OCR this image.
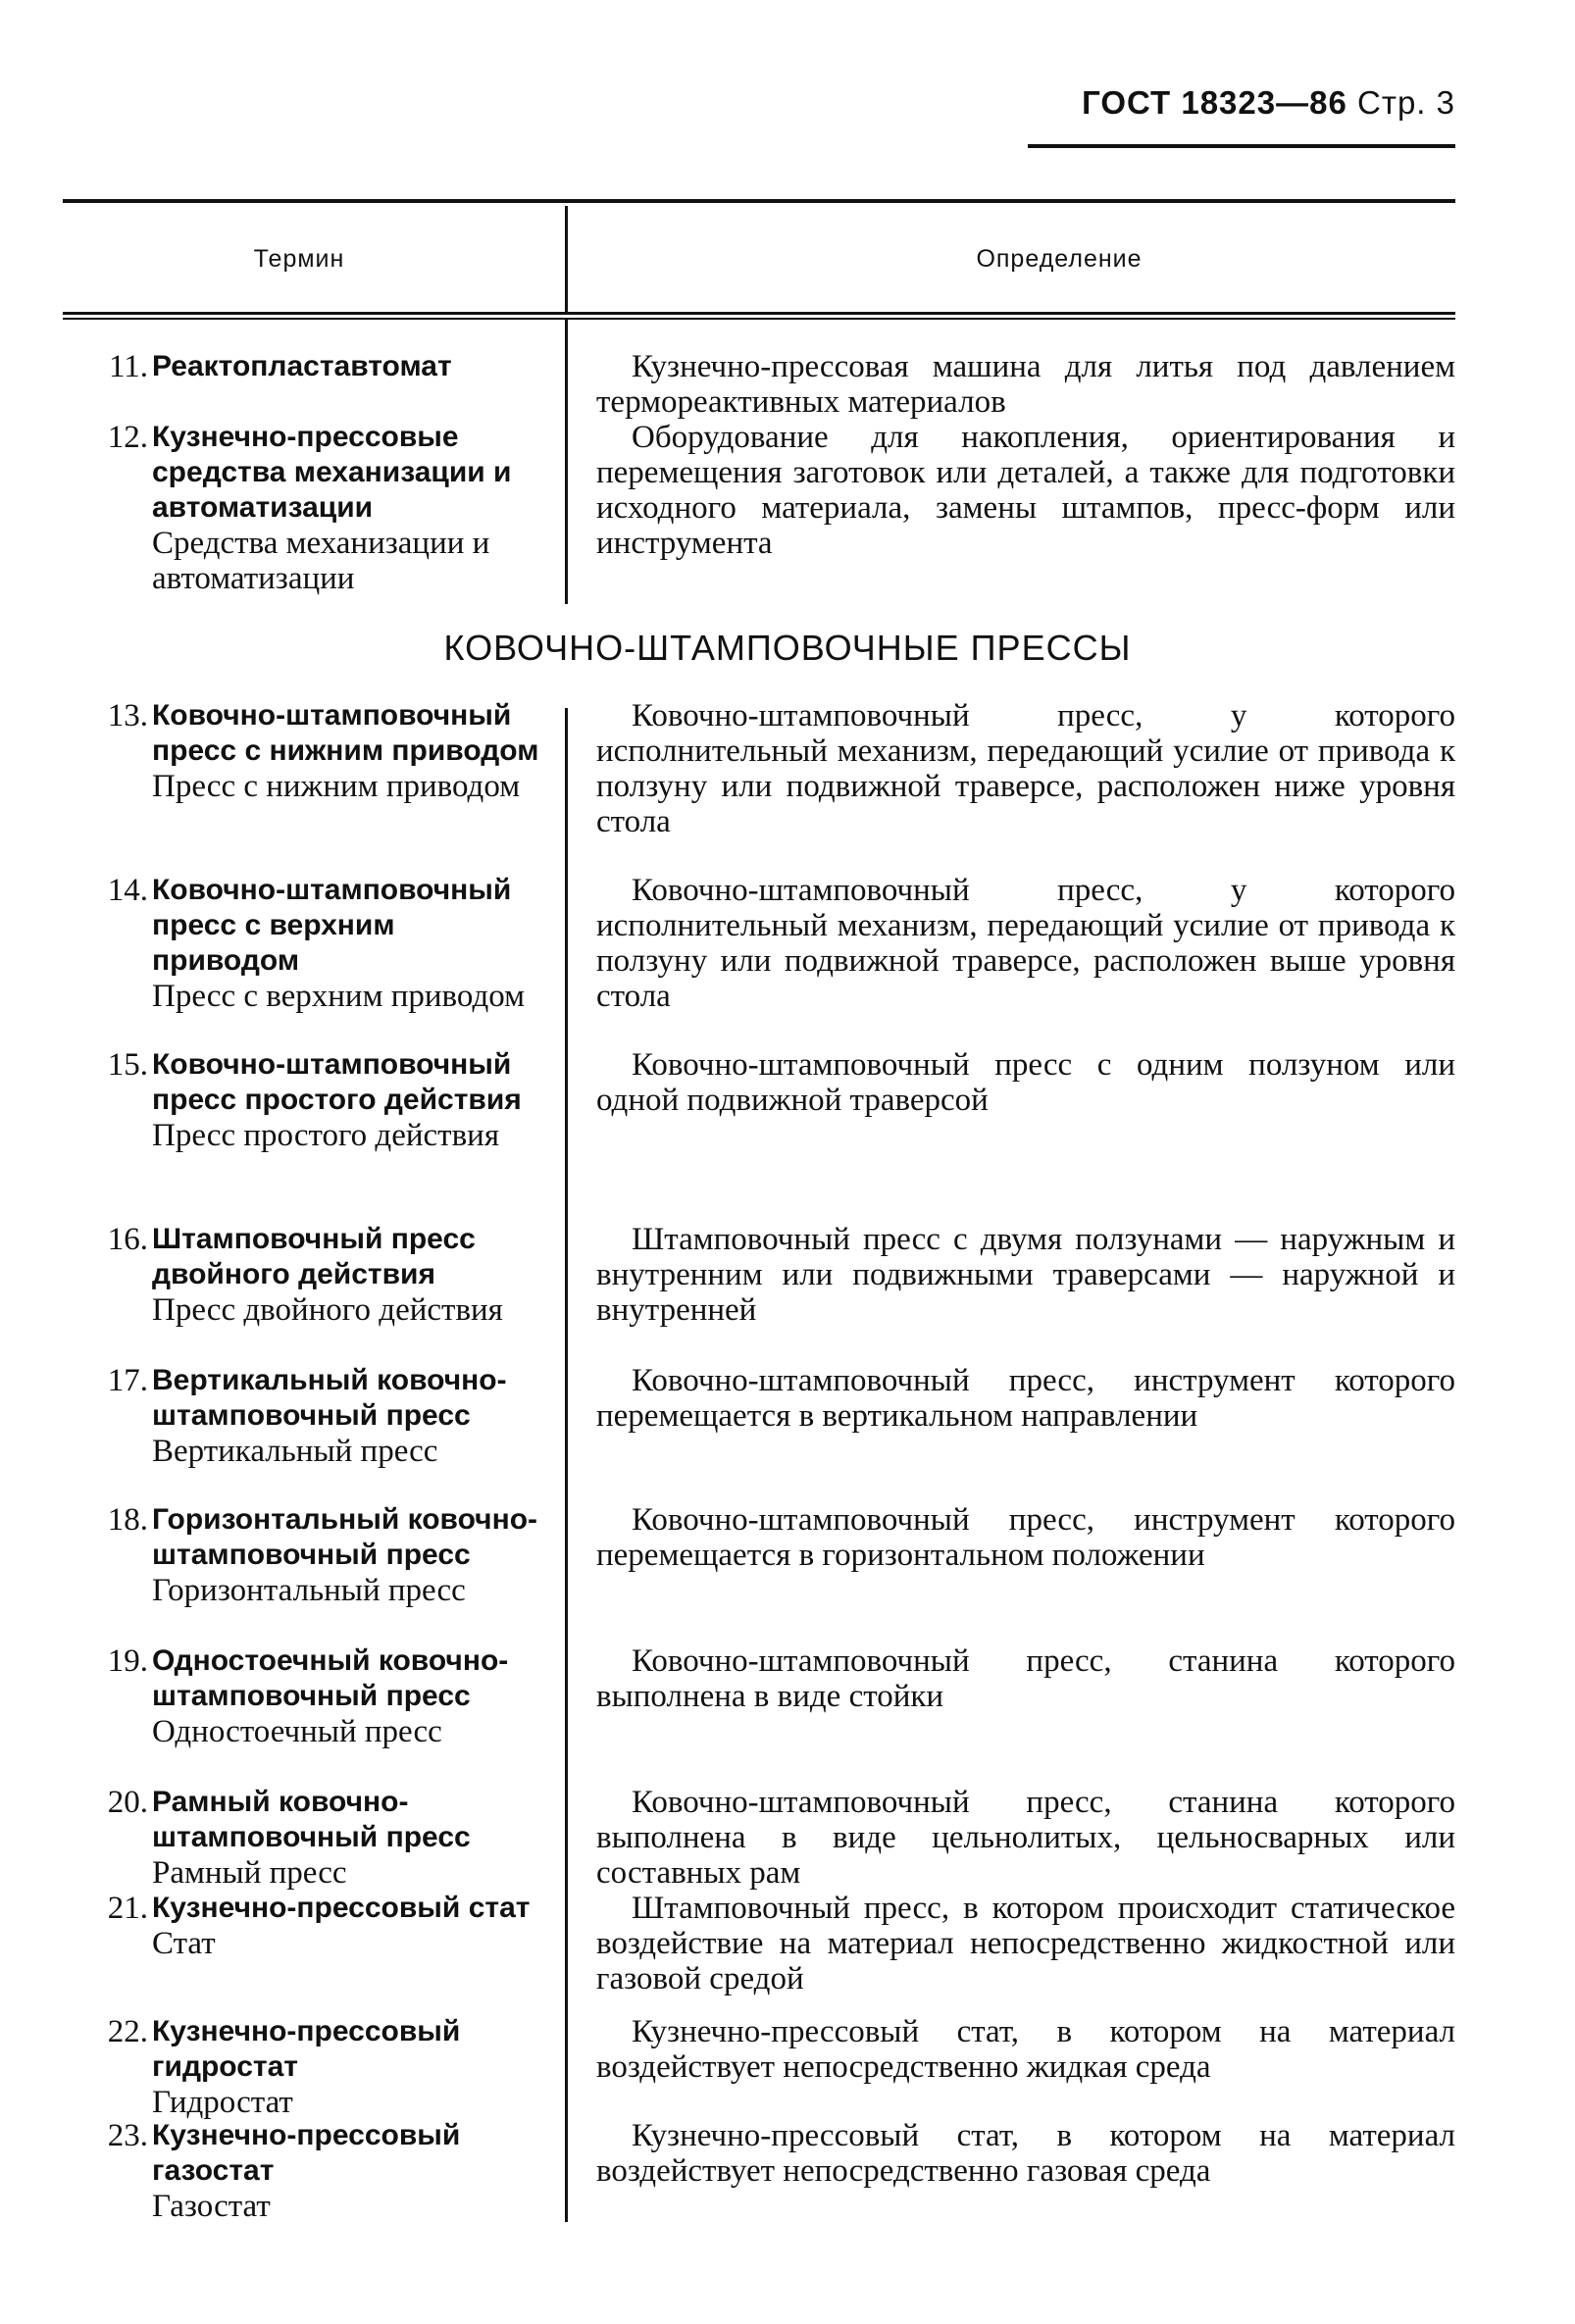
ГОСТ 18323—86 Стр. 3
Термин	Определение
КОВОЧНО-ШТАМПОВОЧНЫЕ ПРЕССЫ
11. Реактопластавтомат	Кузнечно-прессовая машина для литья под давлением термореактивных материалов
12. Кузнечно-прессовые средства механизации и автоматизации
Средства механизации и автоматизации
Оборудование для накопления, ориентирования и перемещения заготовок или деталей, а также для подготовки исходного материала, замены штампов, пресс-форм или инструмента
13. Ковочно-штамповочный пресс с нижним приводом
Пресс с нижним приводом
Ковочно-штамповочный пресс, у которого исполнительный механизм, передающий усилие от привода к ползуну или подвижной траверсе, расположен ниже уровня стола
14. Ковочно-штамповочный пресс с верхним приводом
Пресс с верхним приводом
Ковочно-штамповочный пресс, у которого исполнительный механизм, передающий усилие от привода к ползуну или подвижной траверсе, расположен выше уровня стола
15. Ковочно-штамповочный пресс простого действия
Пресс простого действия
Ковочно-штамповочный пресс с одним ползуном или одной подвижной траверсой
16. Штамповочный пресс двойного действия
Пресс двойного действия
Штамповочный пресс с двумя ползунами — наружным и внутренним или подвижными траверсами — наружной и внутренней
17. Вертикальный ковочно-штамповочный пресс
Вертикальный пресс
Ковочно-штамповочный пресс, инструмент которого перемещается в вертикальном направлении
18. Горизонтальный ковочно-штамповочный пресс
Горизонтальный пресс
Ковочно-штамповочный пресс, инструмент которого перемещается в горизонтальном положении
19. Одностоечный ковочно-штамповочный пресс
Одностоечный пресс
Ковочно-штамповочный пресс, станина которого выполнена в виде стойки
20. Рамный ковочно-штамповочный пресс
Рамный пресс
Ковочно-штамповочный пресс, станина которого выполнена в виде цельнолитых, цельносварных или составных рам
21. Кузнечно-прессовый стат
Стат
Штамповочный пресс, в котором происходит статическое воздействие на материал непосредственно жидкостной или газовой средой
22. Кузнечно-прессовый гидростат
Гидростат
Кузнечно-прессовый стат, в котором на материал воздействует непосредственно жидкая среда
23. Кузнечно-прессовый газостат
Газостат
Кузнечно-прессовый стат, в котором на материал воздействует непосредственно газовая среда
